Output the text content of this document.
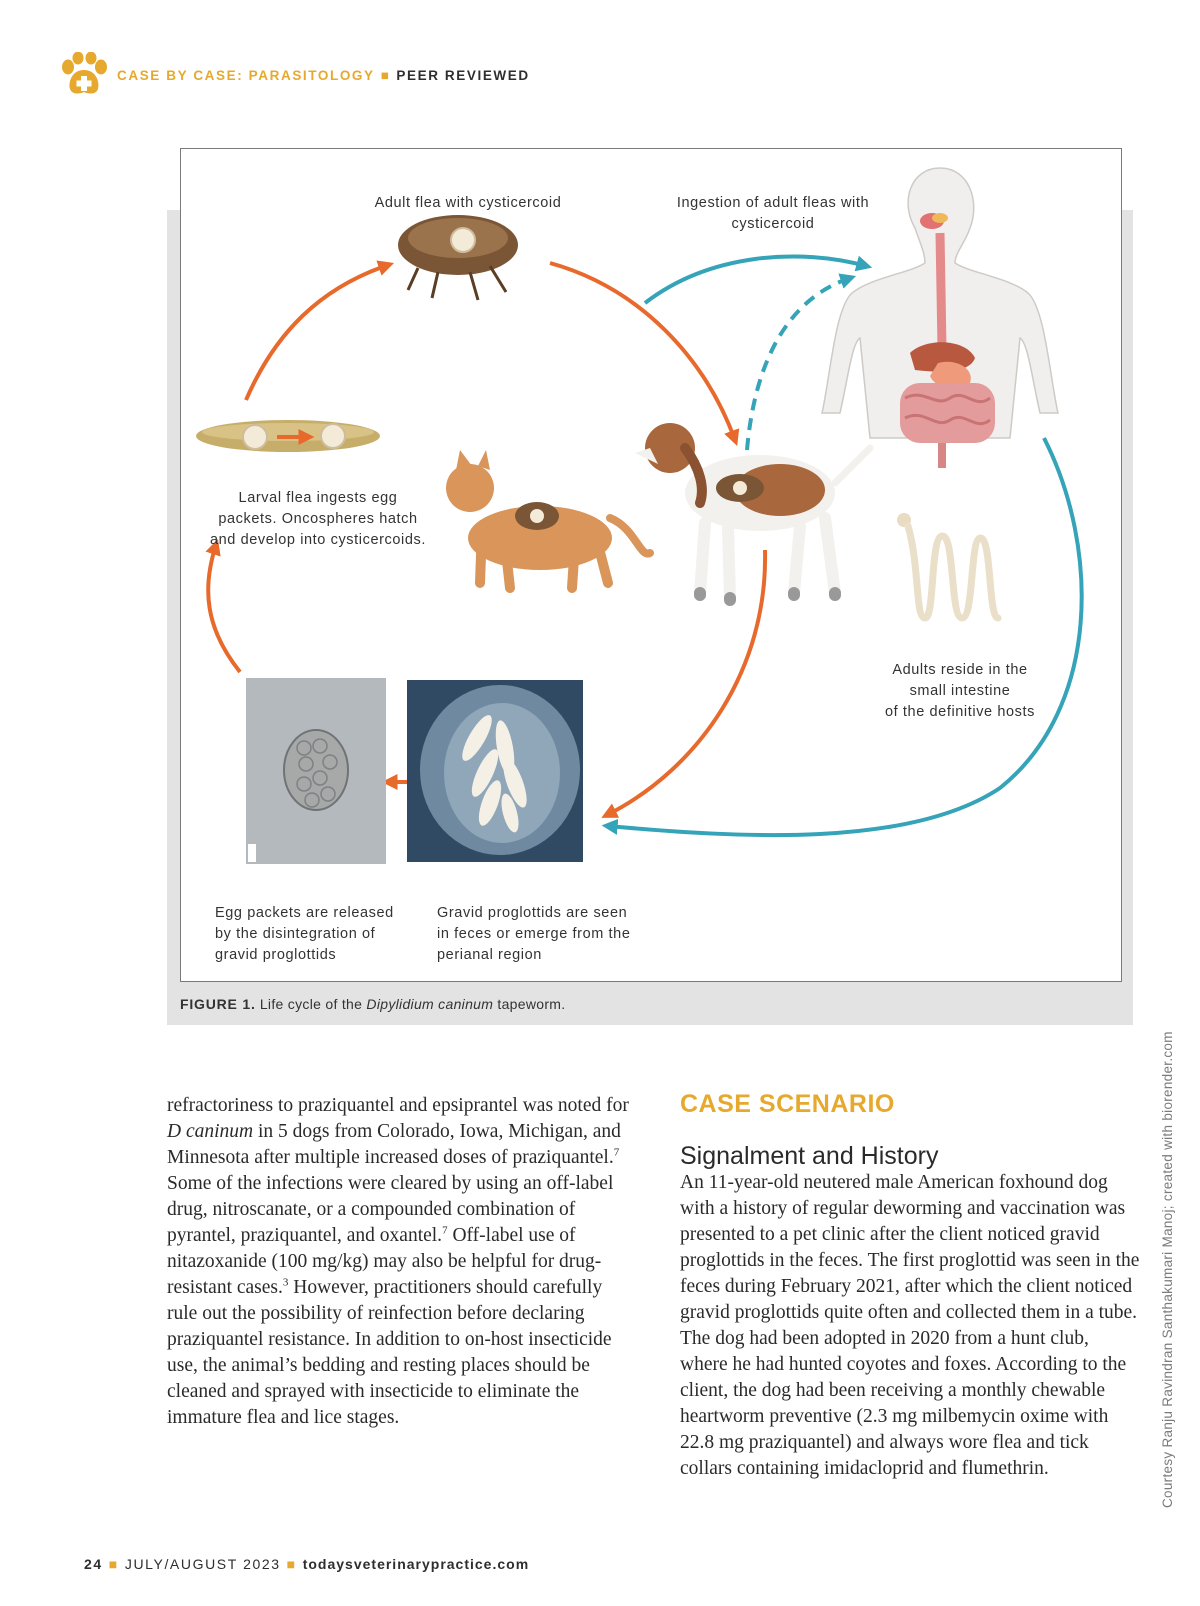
CASE BY CASE: PARASITOLOGY ■ PEER REVIEWED
Adult flea with cysticercoid	Ingestion of adult fleas with
cysticercoid
Larval flea ingests egg
packets. Oncospheres hatch
and develop into cysticercoids.
Adults reside in the
small intestine
of the definitive hosts
Egg packets are released
by the disintegration of
gravid proglottids
Gravid proglottids are seen
in feces or emerge from the
perianal region
FIGURE 1. Life cycle of the Dipylidium caninum tapeworm.
refractoriness to praziquantel and epsiprantel was noted for D caninum in 5 dogs from Colorado, Iowa, Michigan, and Minnesota after multiple increased doses of praziquantel.$^7$ Some of the infections were cleared by using an off-label drug, nitroscanate, or a compounded combination of pyrantel, praziquantel, and oxantel.$^7$ Off-label use of nitazoxanide (100 mg/kg) may also be helpful for drug-resistant cases.$^3$ However, practitioners should carefully rule out the possibility of reinfection before declaring praziquantel resistance. In addition to on-host insecticide use, the animal’s bedding and resting places should be cleaned and sprayed with insecticide to eliminate the immature flea and lice stages.
CASE SCENARIO
Signalment and History
An 11-year-old neutered male American foxhound dog with a history of regular deworming and vaccination was presented to a pet clinic after the client noticed gravid proglottids in the feces. The first proglottid was seen in the feces during February 2021, after which the client noticed gravid proglottids quite often and collected them in a tube. The dog had been adopted in 2020 from a hunt club, where he had hunted coyotes and foxes. According to the client, the dog had been receiving a monthly chewable heartworm preventive (2.3 mg milbemycin oxime with 22.8 mg praziquantel) and always wore flea and tick collars containing imidacloprid and flumethrin.	Courtesy Ranju Ravindran Santhakumari Manoj; created with biorender.com
24 ■ JULY/AUGUST 2023 ■ todaysveterinarypractice.com
